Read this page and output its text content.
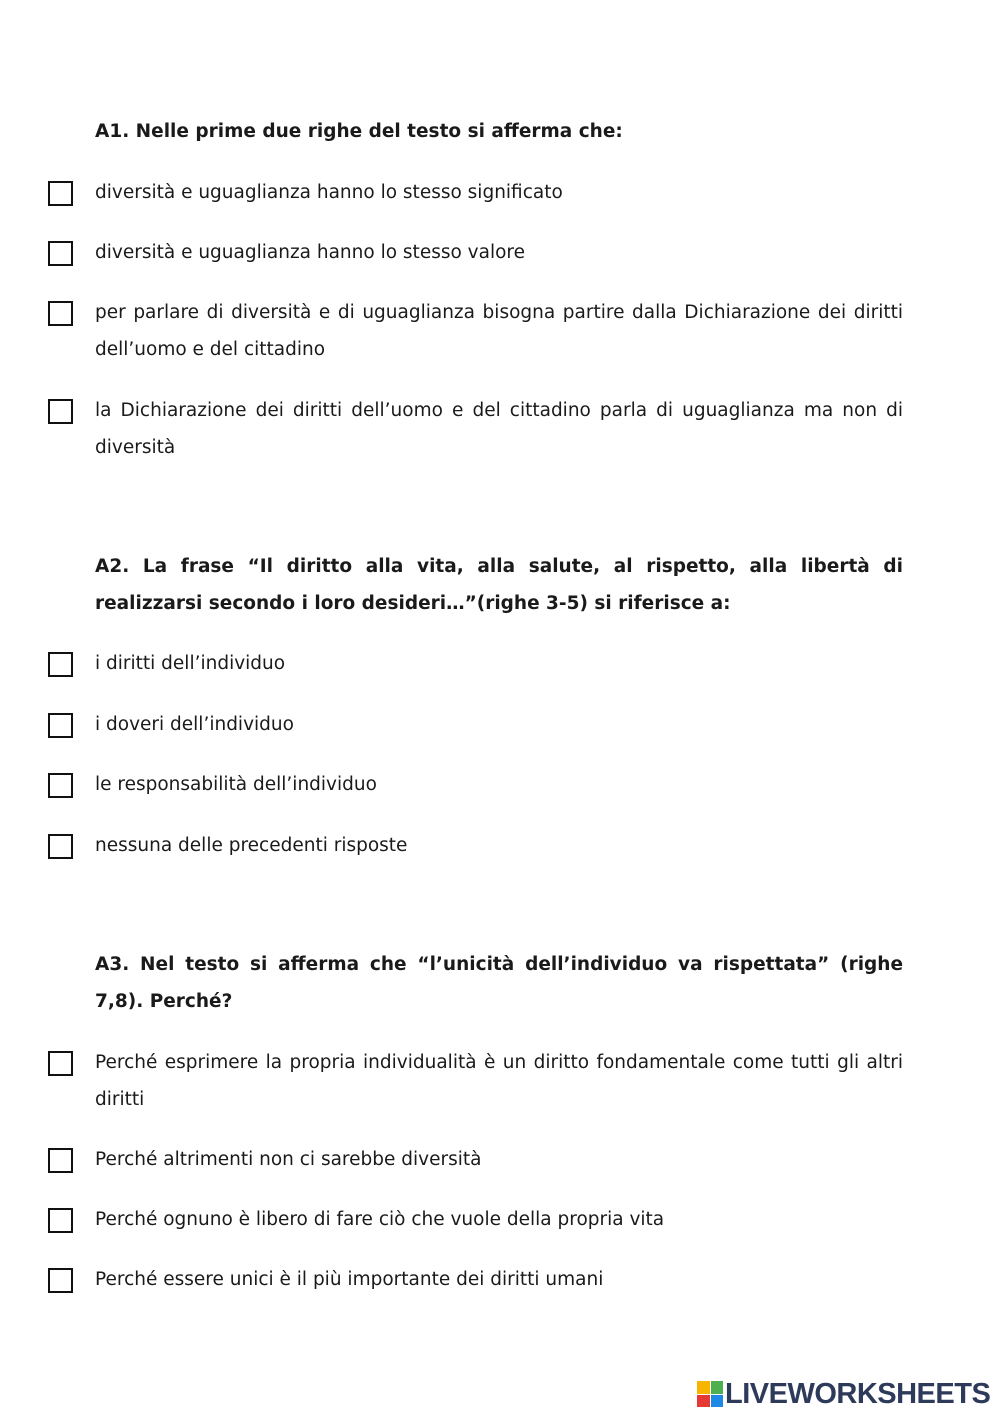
A1. Nelle prime due righe del testo si afferma che:

diversità e uguaglianza hanno lo stesso significato
diversità e uguaglianza hanno lo stesso valore
per parlare di diversità e di uguaglianza bisogna partire dalla Dichiarazione dei diritti dell’uomo e del cittadino
la Dichiarazione dei diritti dell’uomo e del cittadino parla di uguaglianza ma non di diversità

A2. La frase “Il diritto alla vita, alla salute, al rispetto, alla libertà di realizzarsi secondo i loro desideri…”(righe 3-5) si riferisce a:

i diritti dell’individuo
i doveri dell’individuo
le responsabilità dell’individuo
nessuna delle precedenti risposte

A3. Nel testo si afferma che “l’unicità dell’individuo va rispettata” (righe 7,8). Perché?

Perché esprimere la propria individualità è un diritto fondamentale come tutti gli altri diritti
Perché altrimenti non ci sarebbe diversità
Perché ognuno è libero di fare ciò che vuole della propria vita
Perché essere unici è il più importante dei diritti umani
LIVEWORKSHEETS
